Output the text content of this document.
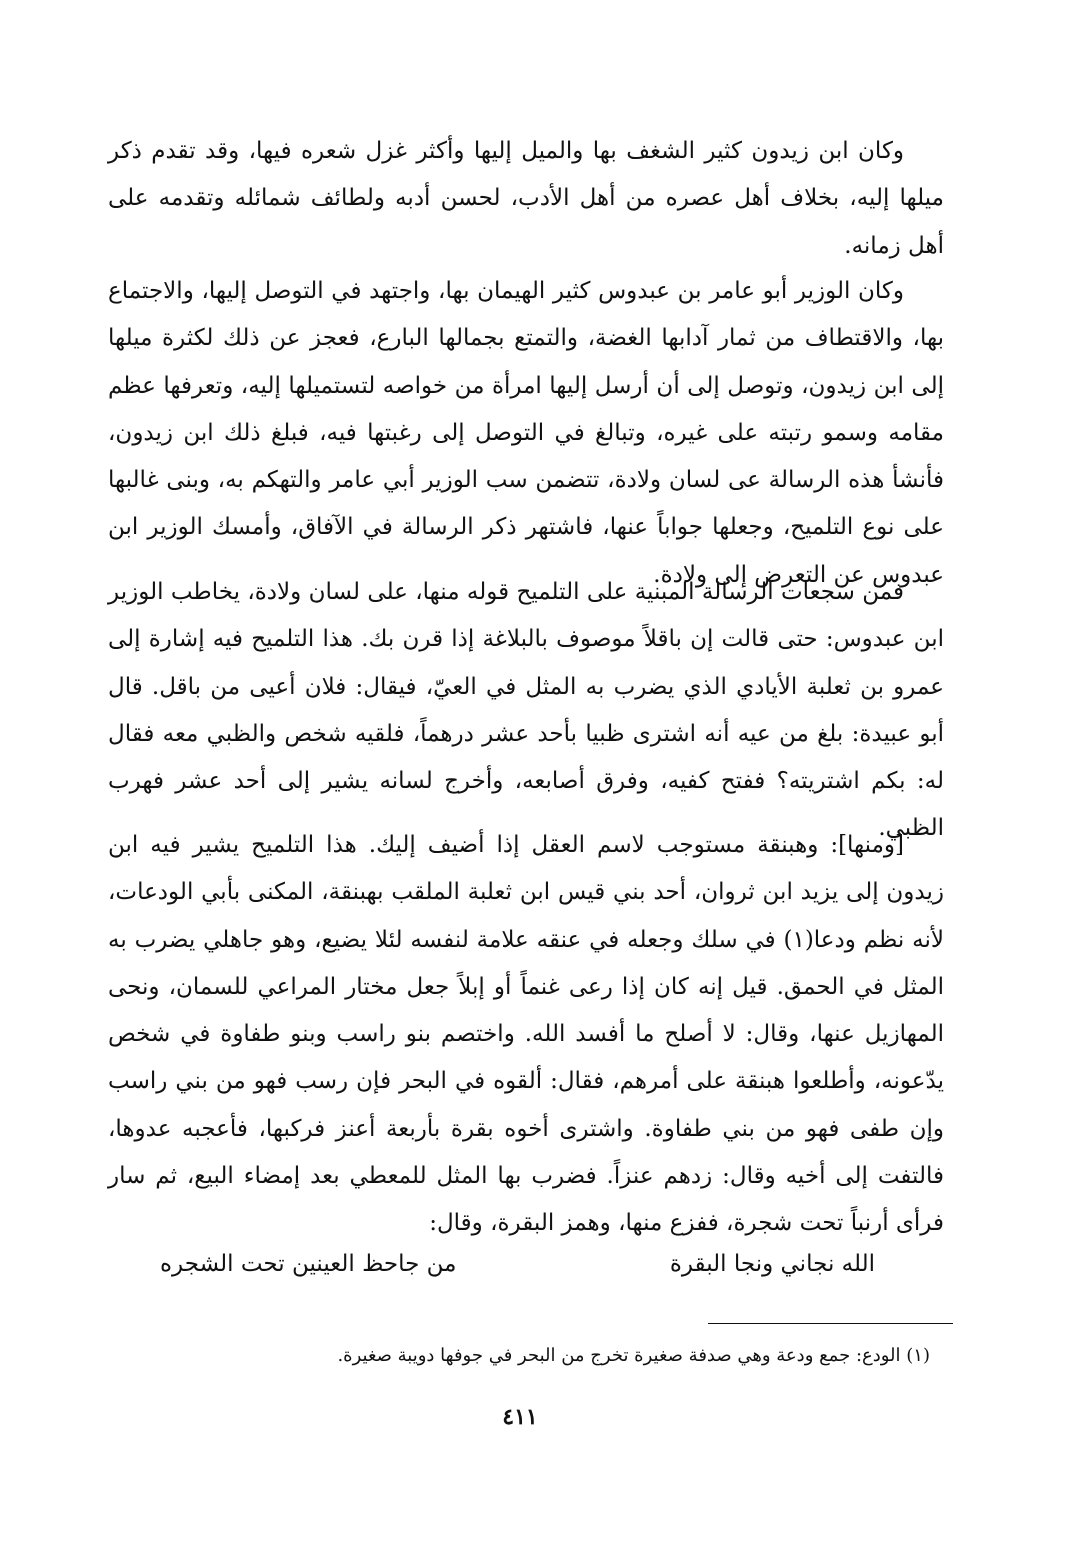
وكان ابن زيدون كثير الشغف بها والميل إليها وأكثر غزل شعره فيها، وقد تقدم ذكر ميلها إليه، بخلاف أهل عصره من أهل الأدب، لحسن أدبه ولطائف شمائله وتقدمه على أهل زمانه.

وكان الوزير أبو عامر بن عبدوس كثير الهيمان بها، واجتهد في التوصل إليها، والاجتماع بها، والاقتطاف من ثمار آدابها الغضة، والتمتع بجمالها البارع، فعجز عن ذلك لكثرة ميلها إلى ابن زيدون، وتوصل إلى أن أرسل إليها امرأة من خواصه لتستميلها إليه، وتعرفها عظم مقامه وسمو رتبته على غيره، وتبالغ في التوصل إلى رغبتها فيه، فبلغ ذلك ابن زيدون، فأنشأ هذه الرسالة عى لسان ولادة، تتضمن سب الوزير أبي عامر والتهكم به، وبنى غالبها على نوع التلميح، وجعلها جواباً عنها، فاشتهر ذكر الرسالة في الآفاق، وأمسك الوزير ابن عبدوس عن التعرض إلى ولادة.

فمن سجعات الرسالة المبنية على التلميح قوله منها، على لسان ولادة، يخاطب الوزير ابن عبدوس: حتى قالت إن باقلاً موصوف بالبلاغة إذا قرن بك. هذا التلميح فيه إشارة إلى عمرو بن ثعلبة الأيادي الذي يضرب به المثل في العيّ، فيقال: فلان أعيى من باقل. قال أبو عبيدة: بلغ من عيه أنه اشترى ظبيا بأحد عشر درهماً، فلقيه شخص والظبي معه فقال له: بكم اشتريته؟ ففتح كفيه، وفرق أصابعه، وأخرج لسانه يشير إلى أحد عشر فهرب الظبي.

[ومنها]: وهبنقة مستوجب لاسم العقل إذا أضيف إليك. هذا التلميح يشير فيه ابن زيدون إلى يزيد ابن ثروان، أحد بني قيس ابن ثعلبة الملقب بهبنقة، المكنى بأبي الودعات، لأنه نظم ودعا(١) في سلك وجعله في عنقه علامة لنفسه لئلا يضيع، وهو جاهلي يضرب به المثل في الحمق. قيل إنه كان إذا رعى غنماً أو إبلاً جعل مختار المراعي للسمان، ونحى المهازيل عنها، وقال: لا أصلح ما أفسد الله. واختصم بنو راسب وبنو طفاوة في شخص يدّعونه، وأطلعوا هبنقة على أمرهم، فقال: ألقوه في البحر فإن رسب فهو من بني راسب وإن طفى فهو من بني طفاوة. واشترى أخوه بقرة بأربعة أعنز فركبها، فأعجبه عدوها، فالتفت إلى أخيه وقال: زدهم عنزاً. فضرب بها المثل للمعطي بعد إمضاء البيع، ثم سار فرأى أرنباً تحت شجرة، ففزع منها، وهمز البقرة، وقال:

الله نجاني ونجا البقرة
من جاحظ العينين تحت الشجره
(١) الودع: جمع ودعة وهي صدفة صغيرة تخرج من البحر في جوفها دويبة صغيرة.
٤١١
